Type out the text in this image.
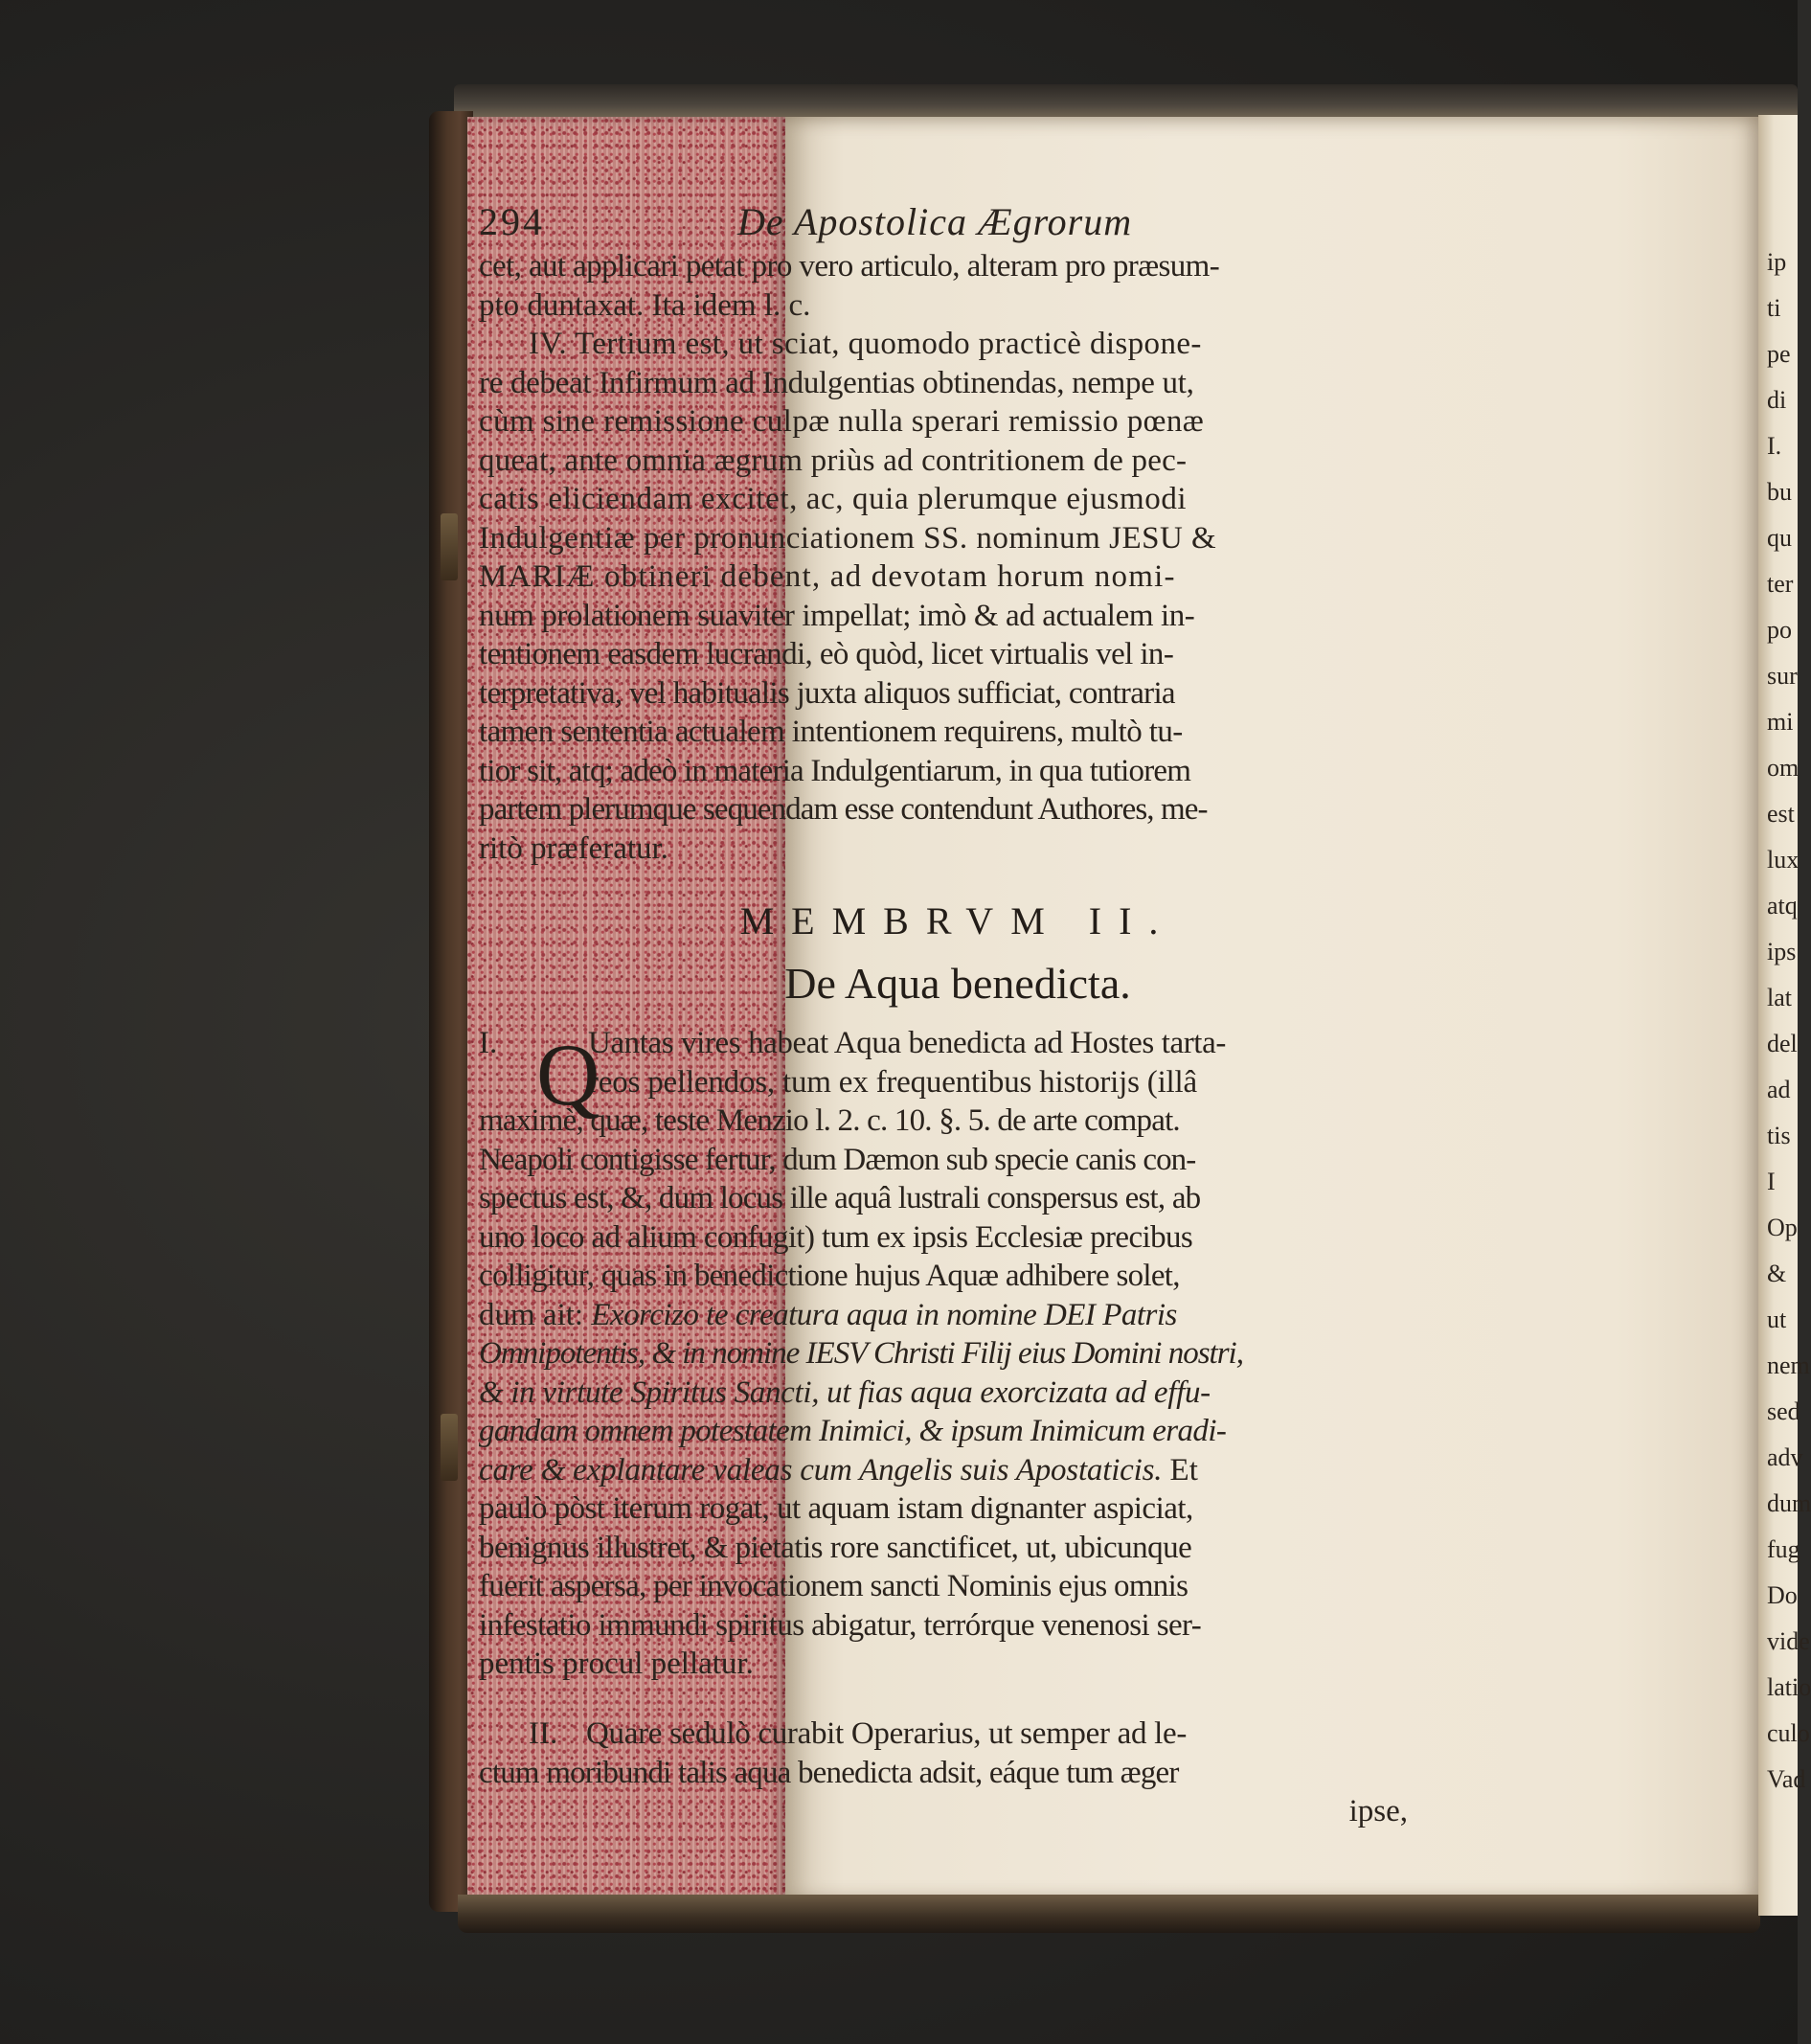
ip
ti
pe
di
I.
bu
qu
ter
po
sur
mi
om
est
lux
atq
ips
lat
del
ad
tis
I
Op
& ut
nem
sed
adv
dum
fug
Do
vide
latio
culo
Vad
294	De Apostolica Ægrorum
cet, aut applicari petat pro vero articulo, alteram pro præsum-
pto duntaxat. Ita idem l. c.
IV. Tertium est, ut sciat, quomodo practicè dispone-
re debeat Infirmum ad Indulgentias obtinendas, nempe ut,
cùm sine remissione culpæ nulla sperari remissio pœnæ
queat, ante omnia ægrum priùs ad contritionem de pec-
catis eliciendam excitet, ac, quia plerumque ejusmodi
Indulgentiæ per pronunciationem SS. nominum JESU &
MARIÆ obtineri debent, ad devotam horum nomi-
num prolationem suaviter impellat; imò & ad actualem in-
tentionem easdem lucrandi, eò quòd, licet virtualis vel in-
terpretativa, vel habitualis juxta aliquos sufficiat, contraria
tamen sententia actualem intentionem requirens, multò tu-
tior sit, atq; adeò in materia Indulgentiarum, in qua tutiorem
partem plerumque sequendam esse contendunt Authores, me-
ritò præferatur.
MEMBRVM II.
De Aqua benedicta.
I.	Uantas vires habeat Aqua benedicta ad Hostes tarta-
reos pellendos, tum ex frequentibus historijs (illâ
maximè, quæ, teste Menzio l. 2. c. 10. §. 5. de arte compat.
Neapoli contigisse fertur, dum Dæmon sub specie canis con-
spectus est, &, dum locus ille aquâ lustrali conspersus est, ab
uno loco ad alium confugit) tum ex ipsis Ecclesiæ precibus
colligitur, quas in benedictione hujus Aquæ adhibere solet,
dum ait: Exorcizo te creatura aqua in nomine DEI Patris
Omnipotentis, & in nomine IESV Christi Filij eius Domini nostri,
& in virtute Spiritus Sancti, ut fias aqua exorcizata ad effu-
gandam omnem potestatem Inimici, & ipsum Inimicum eradi-
care & explantare valeas cum Angelis suis Apostaticis. Et
paulò pòst iterum rogat, ut aquam istam dignanter aspiciat,
benignus illustret, & pietatis rore sanctificet, ut, ubicunque
fuerit aspersa, per invocationem sancti Nominis ejus omnis
infestatio immundi spiritus abigatur, terrórque venenosi ser-
pentis procul pellatur.
Q
II. Quare sedulò curabit Operarius, ut semper ad le-
ctum moribundi talis aqua benedicta adsit, eáque tum æger
ipse,
